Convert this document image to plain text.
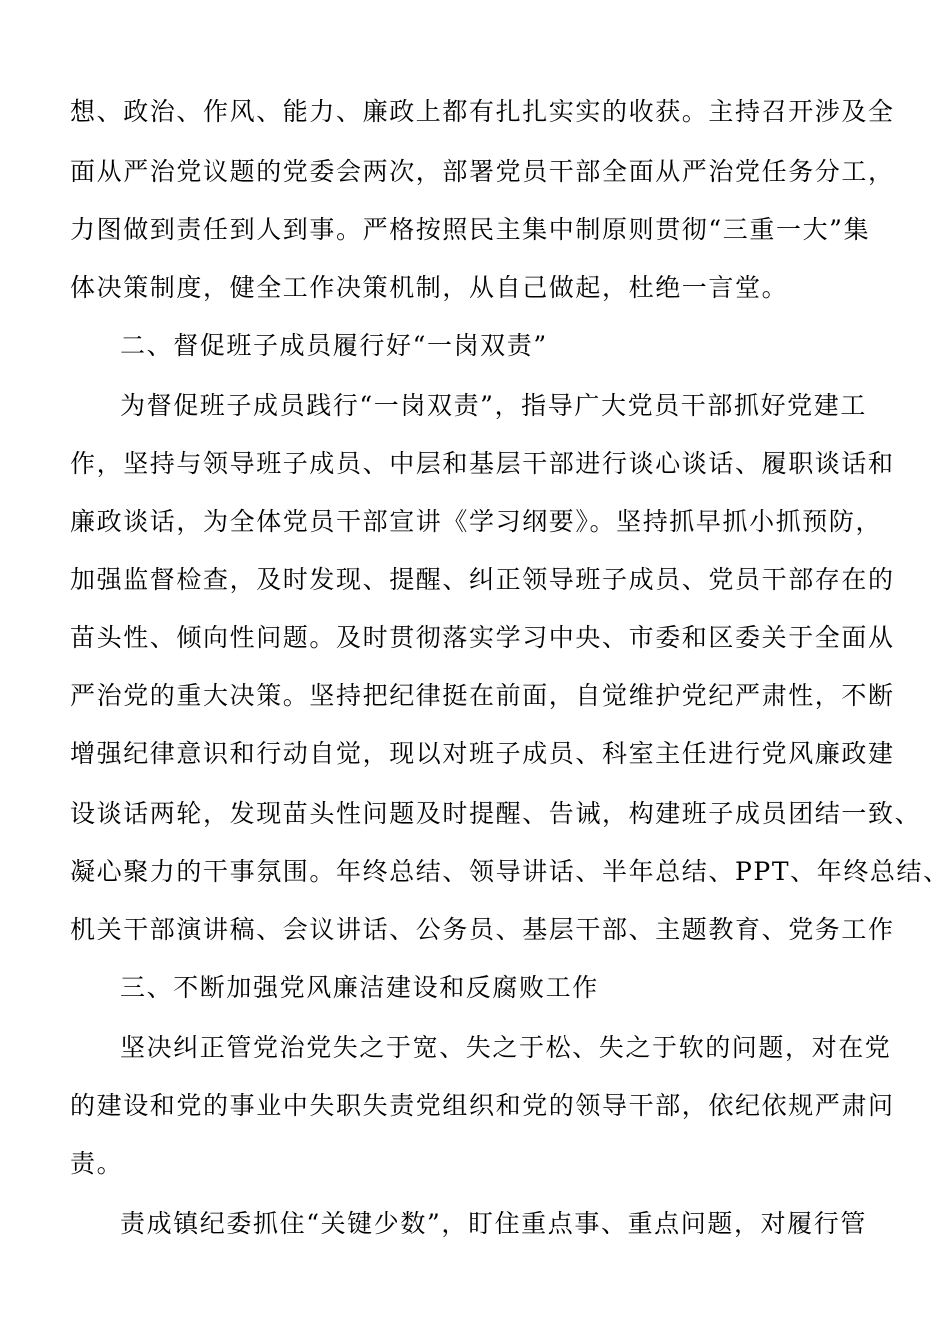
想、政治、作风、能力、廉政上都有扎扎实实的收获。主持召开涉及全
面从严治党议题的党委会两次，部署党员干部全面从严治党任务分工，
力图做到责任到人到事。严格按照民主集中制原则贯彻“三重一大”集
体决策制度，健全工作决策机制，从自己做起，杜绝一言堂。
二、督促班子成员履行好“一岗双责”
为督促班子成员践行“一岗双责”，指导广大党员干部抓好党建工
作，坚持与领导班子成员、中层和基层干部进行谈心谈话、履职谈话和
廉政谈话，为全体党员干部宣讲《学习纲要》。坚持抓早抓小抓预防，
加强监督检查，及时发现、提醒、纠正领导班子成员、党员干部存在的
苗头性、倾向性问题。及时贯彻落实学习中央、市委和区委关于全面从
严治党的重大决策。坚持把纪律挺在前面，自觉维护党纪严肃性，不断
增强纪律意识和行动自觉，现以对班子成员、科室主任进行党风廉政建
设谈话两轮，发现苗头性问题及时提醒、告诫，构建班子成员团结一致、
凝心聚力的干事氛围。年终总结、领导讲话、半年总结、PPT、年终总结、
机关干部演讲稿、会议讲话、公务员、基层干部、主题教育、党务工作
三、不断加强党风廉洁建设和反腐败工作
坚决纠正管党治党失之于宽、失之于松、失之于软的问题，对在党
的建设和党的事业中失职失责党组织和党的领导干部，依纪依规严肃问
责。
责成镇纪委抓住“关键少数”，盯住重点事、重点问题，对履行管
